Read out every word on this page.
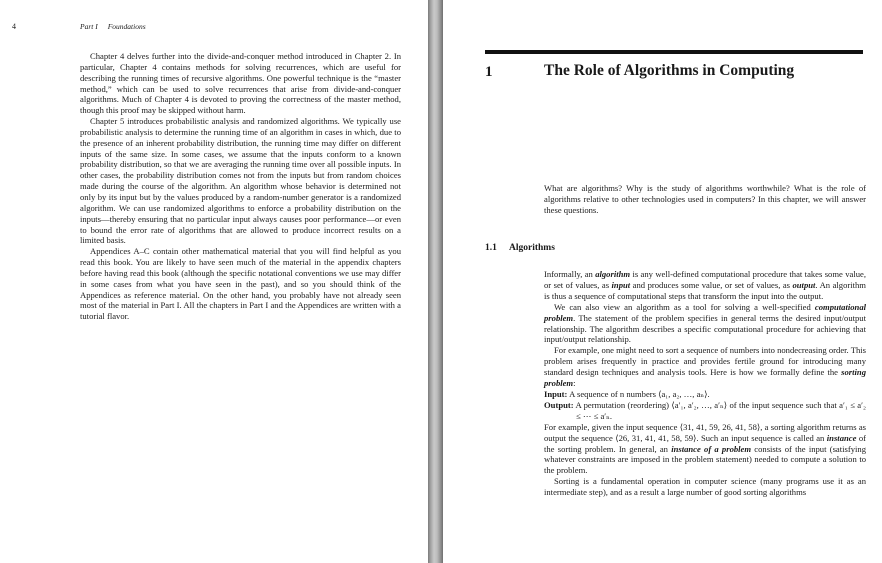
4	Part I Foundations

Chapter 4 delves further into the divide-and-conquer method introduced in Chapter 2. In particular, Chapter 4 contains methods for solving recurrences, which are useful for describing the running times of recursive algorithms. One powerful technique is the “master method,” which can be used to solve recurrences that arise from divide-and-conquer algorithms. Much of Chapter 4 is devoted to proving the correctness of the master method, though this proof may be skipped without harm.

Chapter 5 introduces probabilistic analysis and randomized algorithms. We typically use probabilistic analysis to determine the running time of an algorithm in cases in which, due to the presence of an inherent probability distribution, the running time may differ on different inputs of the same size. In some cases, we assume that the inputs conform to a known probability distribution, so that we are averaging the running time over all possible inputs. In other cases, the probability distribution comes not from the inputs but from random choices made during the course of the algorithm. An algorithm whose behavior is determined not only by its input but by the values produced by a random-number generator is a randomized algorithm. We can use randomized algorithms to enforce a probability distribution on the inputs—thereby ensuring that no particular input always causes poor performance—or even to bound the error rate of algorithms that are allowed to produce incorrect results on a limited basis.

Appendices A–C contain other mathematical material that you will find helpful as you read this book. You are likely to have seen much of the material in the appendix chapters before having read this book (although the specific notational conventions we use may differ in some cases from what you have seen in the past), and so you should think of the Appendices as reference material. On the other hand, you probably have not already seen most of the material in Part I. All the chapters in Part I and the Appendices are written with a tutorial flavor.

1	The Role of Algorithms in Computing

What are algorithms? Why is the study of algorithms worthwhile? What is the role of algorithms relative to other technologies used in computers? In this chapter, we will answer these questions.

1.1 Algorithms

Informally, an algorithm is any well-defined computational procedure that takes some value, or set of values, as input and produces some value, or set of values, as output. An algorithm is thus a sequence of computational steps that transform the input into the output.

We can also view an algorithm as a tool for solving a well-specified computational problem. The statement of the problem specifies in general terms the desired input/output relationship. The algorithm describes a specific computational procedure for achieving that input/output relationship.

For example, one might need to sort a sequence of numbers into nondecreasing order. This problem arises frequently in practice and provides fertile ground for introducing many standard design techniques and analysis tools. Here is how we formally define the sorting problem:

Input: A sequence of n numbers ⟨a₁, a₂, …, aₙ⟩.

Output: A permutation (reordering) ⟨a′₁, a′₂, …, a′ₙ⟩ of the input sequence such that a′₁ ≤ a′₂ ≤ ⋯ ≤ a′ₙ.

For example, given the input sequence ⟨31, 41, 59, 26, 41, 58⟩, a sorting algorithm returns as output the sequence ⟨26, 31, 41, 41, 58, 59⟩. Such an input sequence is called an instance of the sorting problem. In general, an instance of a problem consists of the input (satisfying whatever constraints are imposed in the problem statement) needed to compute a solution to the problem.

Sorting is a fundamental operation in computer science (many programs use it as an intermediate step), and as a result a large number of good sorting algorithms
